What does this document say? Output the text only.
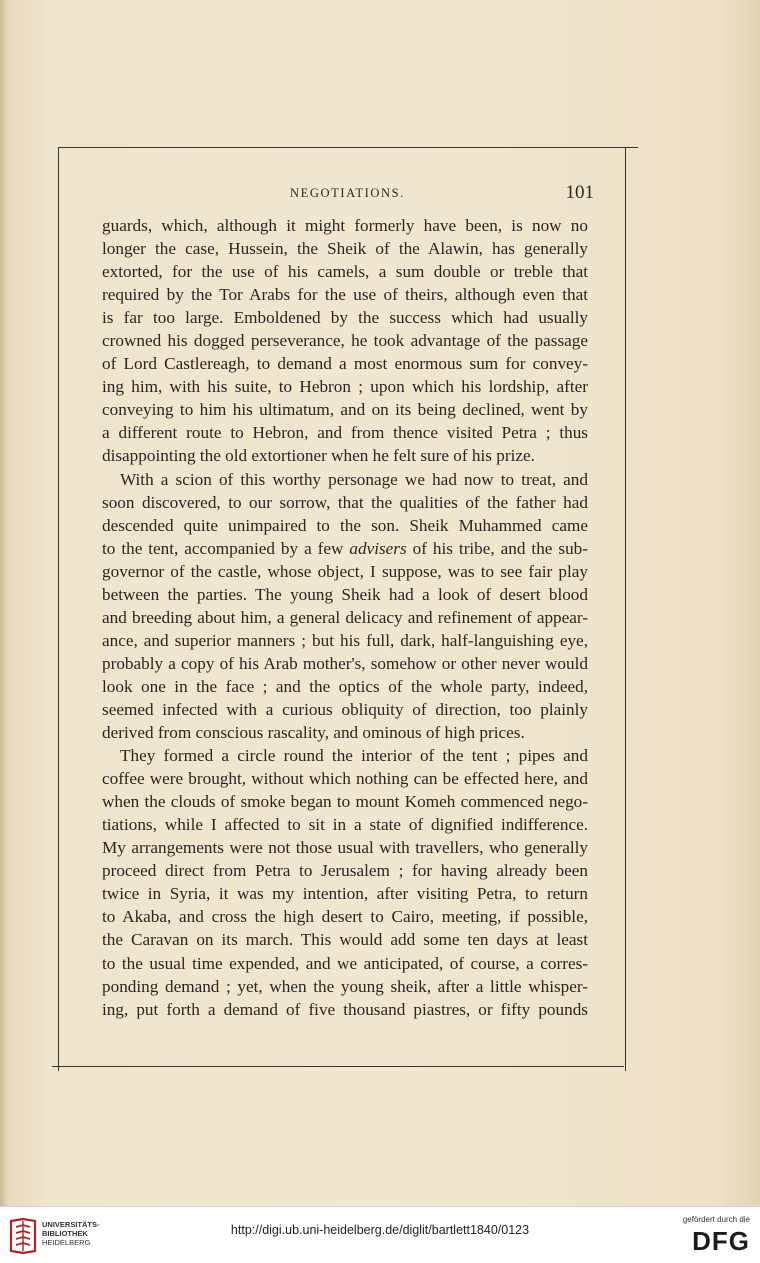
NEGOTIATIONS.	101
guards, which, although it might formerly have been, is now no
longer the case, Hussein, the Sheik of the Alawin, has generally
extorted, for the use of his camels, a sum double or treble that
required by the Tor Arabs for the use of theirs, although even that
is far too large. Emboldened by the success which had usually
crowned his dogged perseverance, he took advantage of the passage
of Lord Castlereagh, to demand a most enormous sum for convey-
ing him, with his suite, to Hebron ; upon which his lordship, after
conveying to him his ultimatum, and on its being declined, went by
a different route to Hebron, and from thence visited Petra ; thus
disappointing the old extortioner when he felt sure of his prize.
With a scion of this worthy personage we had now to treat, and
soon discovered, to our sorrow, that the qualities of the father had
descended quite unimpaired to the son. Sheik Muhammed came
to the tent, accompanied by a few advisers of his tribe, and the sub-
governor of the castle, whose object, I suppose, was to see fair play
between the parties. The young Sheik had a look of desert blood
and breeding about him, a general delicacy and refinement of appear-
ance, and superior manners ; but his full, dark, half-languishing eye,
probably a copy of his Arab mother's, somehow or other never would
look one in the face ; and the optics of the whole party, indeed,
seemed infected with a curious obliquity of direction, too plainly
derived from conscious rascality, and ominous of high prices.
They formed a circle round the interior of the tent ; pipes and
coffee were brought, without which nothing can be effected here, and
when the clouds of smoke began to mount Komeh commenced nego-
tiations, while I affected to sit in a state of dignified indifference.
My arrangements were not those usual with travellers, who generally
proceed direct from Petra to Jerusalem ; for having already been
twice in Syria, it was my intention, after visiting Petra, to return
to Akaba, and cross the high desert to Cairo, meeting, if possible,
the Caravan on its march. This would add some ten days at least
to the usual time expended, and we anticipated, of course, a corres-
ponding demand ; yet, when the young sheik, after a little whisper-
ing, put forth a demand of five thousand piastres, or fifty pounds
UNIVERSITÄTS-
BIBLIOTHEK
HEIDELBERG
http://digi.ub.uni-heidelberg.de/diglit/bartlett1840/0123
gefördert durch die
DFG
